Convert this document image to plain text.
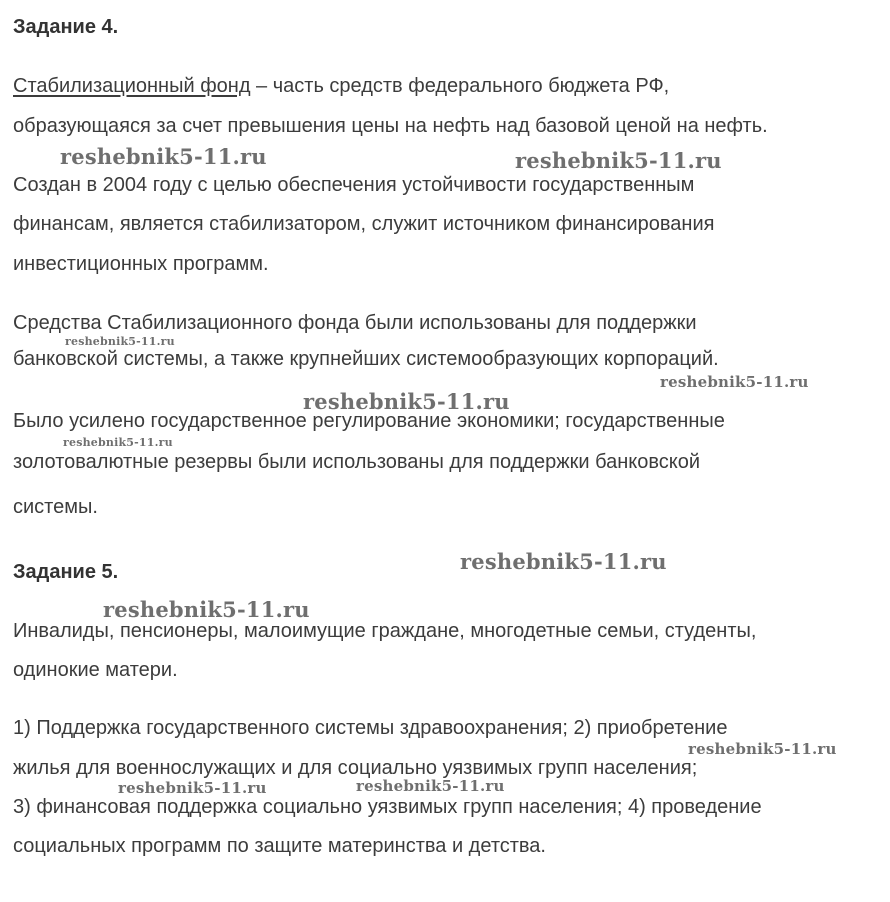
Задание 4.
Стабилизационный фонд – часть средств федерального бюджета РФ,
образующаяся за счет превышения цены на нефть над базовой ценой на нефть.
Создан в 2004 году с целью обеспечения устойчивости государственным
финансам, является стабилизатором, служит источником финансирования
инвестиционных программ.
Средства Стабилизационного фонда были использованы для поддержки
банковской системы, а также крупнейших системообразующих корпораций.
Было усилено государственное регулирование экономики; государственные
золотовалютные резервы были использованы для поддержки банковской
системы.
Задание 5.
Инвалиды, пенсионеры, малоимущие граждане, многодетные семьи, студенты,
одинокие матери.
1) Поддержка государственного системы здравоохранения; 2) приобретение
жилья для военнослужащих и для социально уязвимых групп населения;
3) финансовая поддержка социально уязвимых групп населения; 4) проведение
социальных программ по защите материнства и детства.
reshebnik5-11.ru	reshebnik5-11.ru
reshebnik5-11.ru
reshebnik5-11.ru
reshebnik5-11.ru
reshebnik5-11.ru
reshebnik5-11.ru
reshebnik5-11.ru
reshebnik5-11.ru
reshebnik5-11.ru	reshebnik5-11.ru
